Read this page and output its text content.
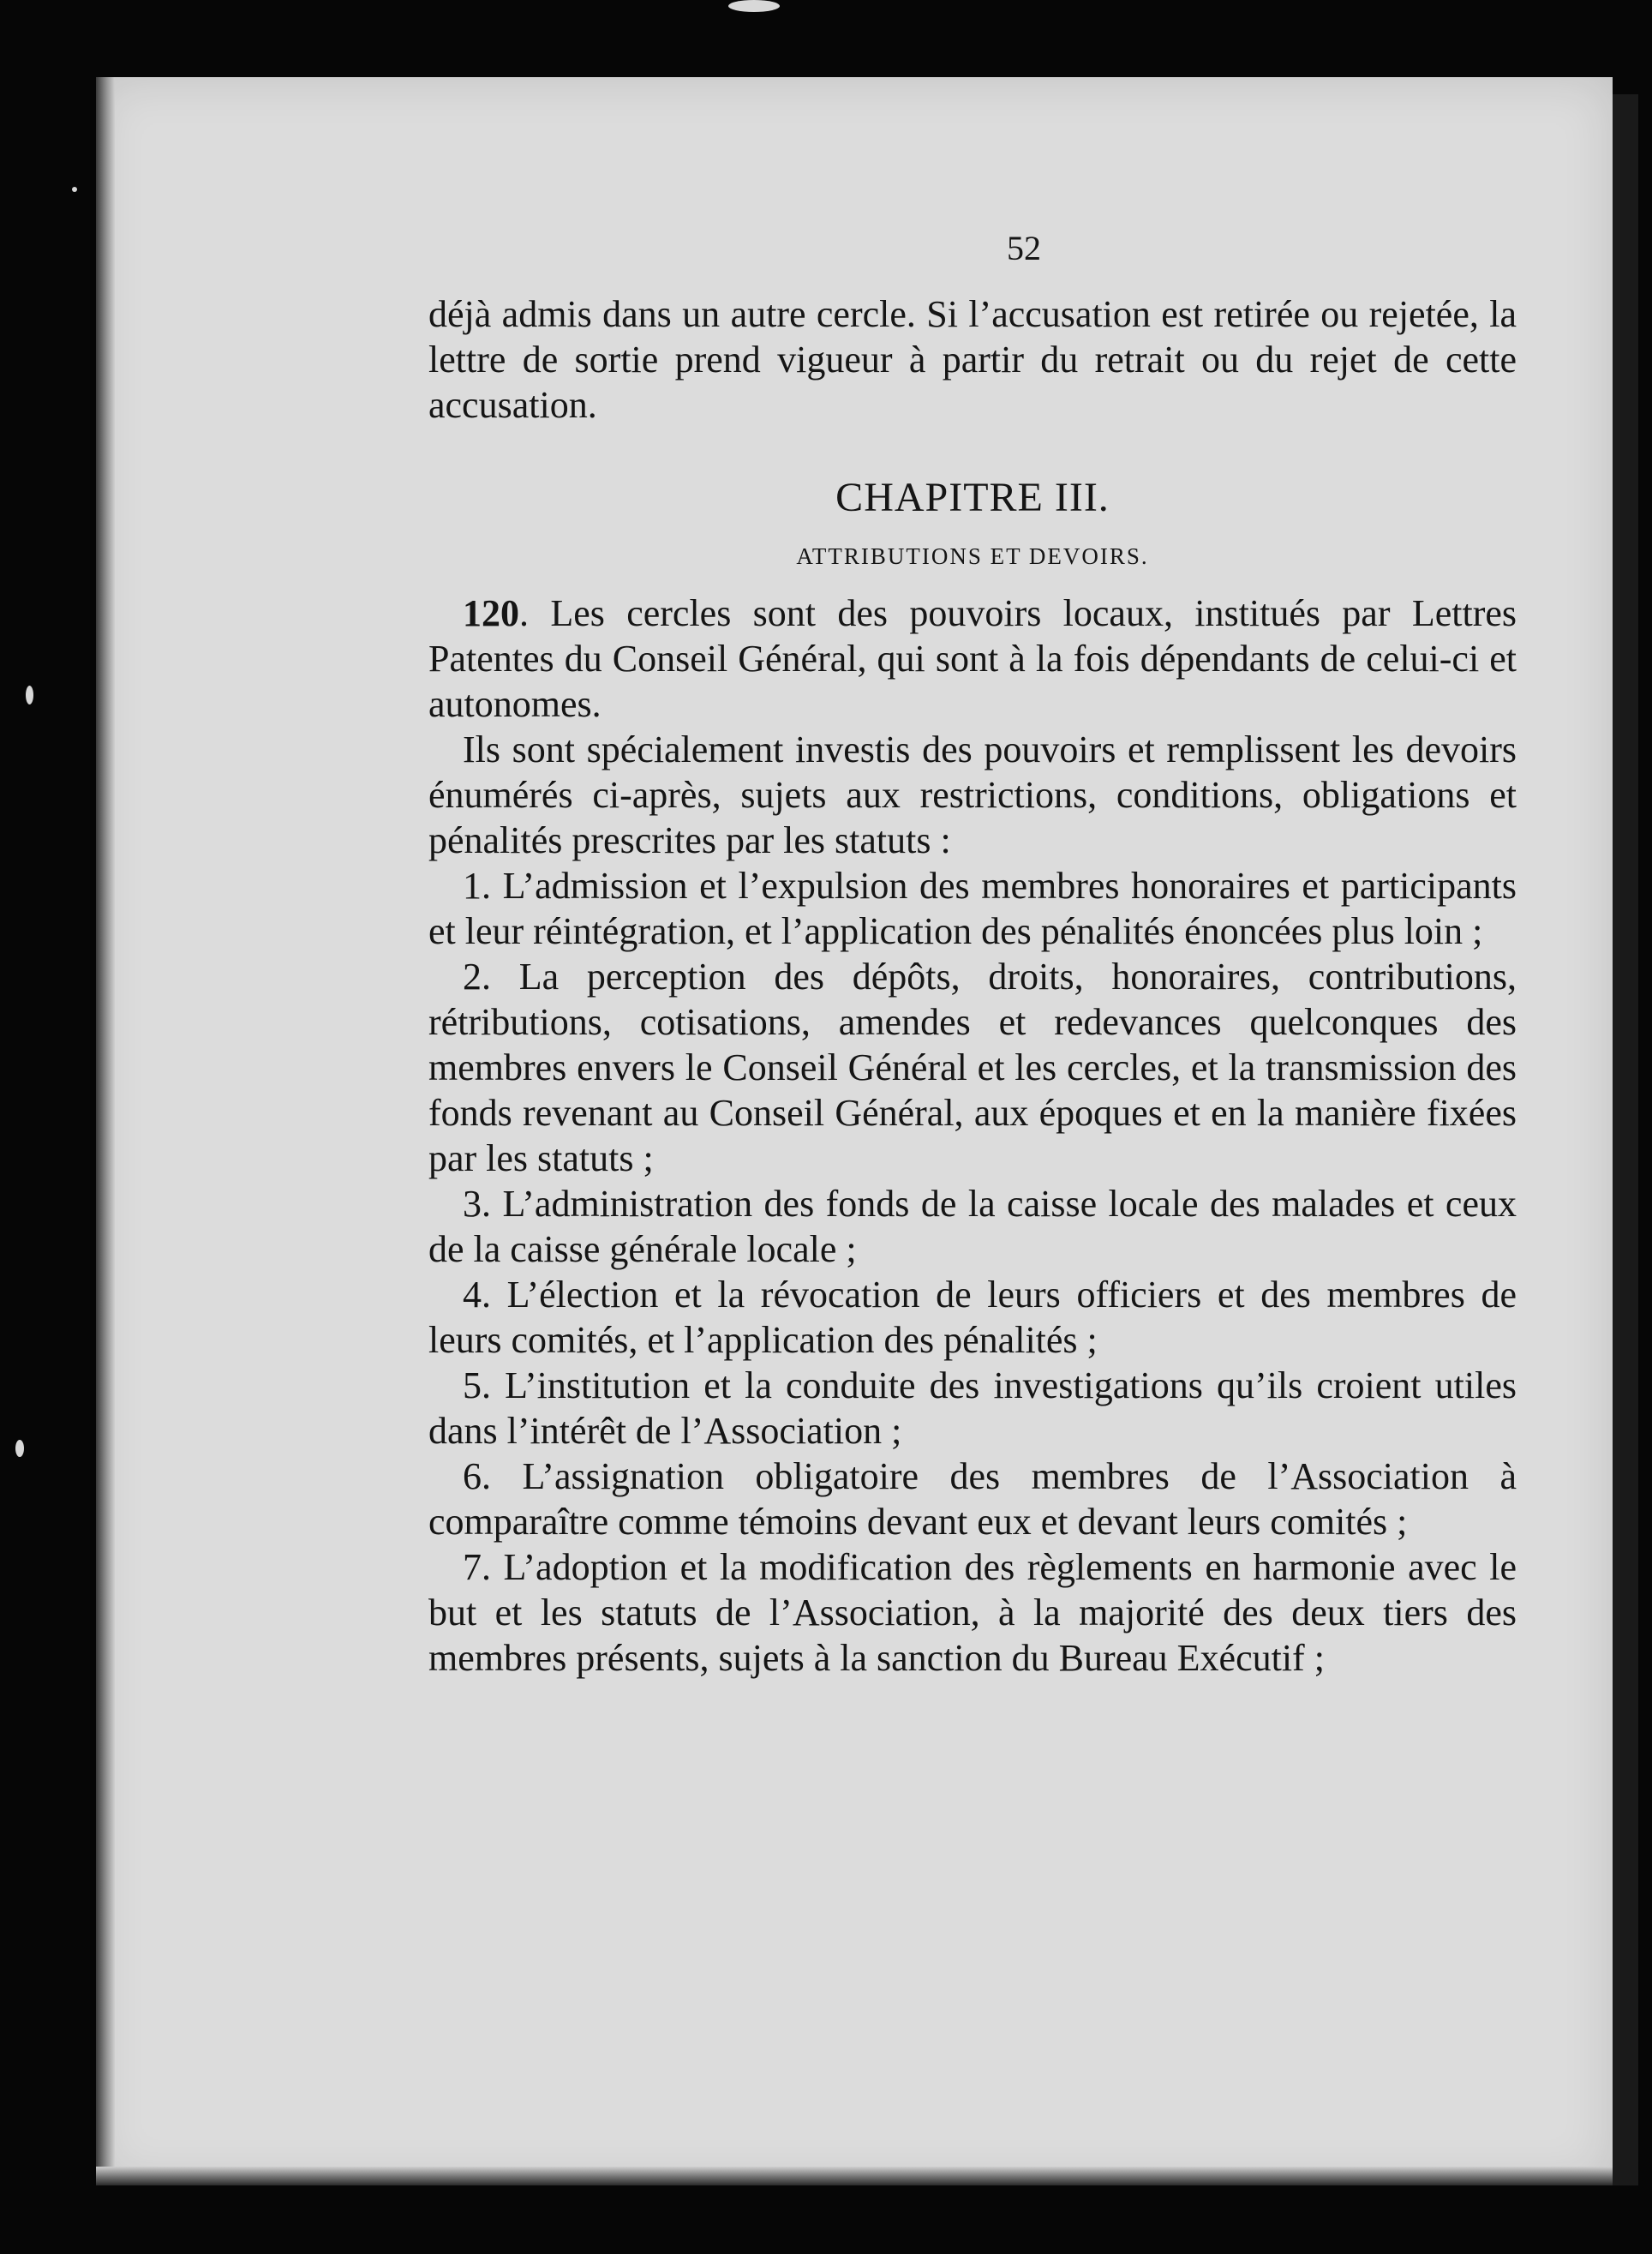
52

déjà admis dans un autre cercle. Si l’accusation est retirée ou rejetée, la lettre de sortie prend vigueur à partir du retrait ou du rejet de cette accusation.

CHAPITRE III.
ATTRIBUTIONS ET DEVOIRS.

120. Les cercles sont des pouvoirs locaux, institués par Lettres Patentes du Conseil Général, qui sont à la fois dépendants de celui-ci et autonomes.

Ils sont spécialement investis des pouvoirs et remplissent les devoirs énumérés ci-après, sujets aux restrictions, conditions, obligations et pénalités prescrites par les statuts :

1. L’admission et l’expulsion des membres honoraires et participants et leur réintégration, et l’application des pénalités énoncées plus loin ;

2. La perception des dépôts, droits, honoraires, contributions, rétributions, cotisations, amendes et redevances quelconques des membres envers le Conseil Général et les cercles, et la transmission des fonds revenant au Conseil Général, aux époques et en la manière fixées par les statuts ;

3. L’administration des fonds de la caisse locale des malades et ceux de la caisse générale locale ;

4. L’élection et la révocation de leurs officiers et des membres de leurs comités, et l’application des pénalités ;

5. L’institution et la conduite des investigations qu’ils croient utiles dans l’intérêt de l’Association ;

6. L’assignation obligatoire des membres de l’Association à comparaître comme témoins devant eux et devant leurs comités ;

7. L’adoption et la modification des règlements en harmonie avec le but et les statuts de l’Association, à la majorité des deux tiers des membres présents, sujets à la sanction du Bureau Exécutif ;
